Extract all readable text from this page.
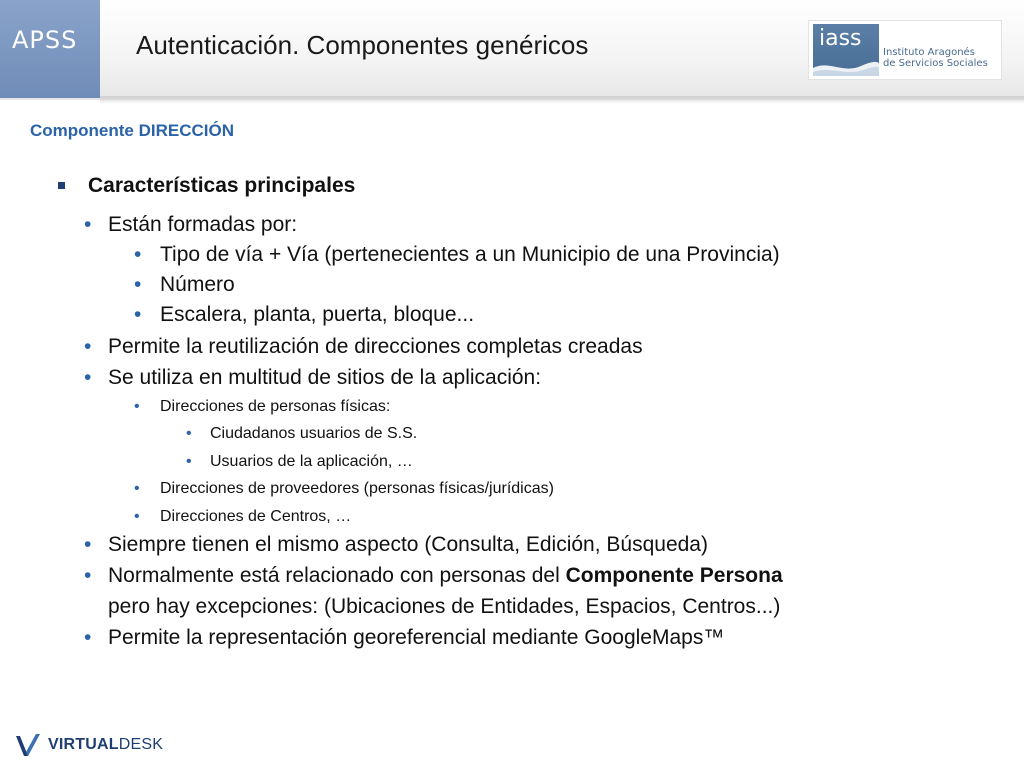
APSS Autenticación. Componentes genéricos	iass
Instituto Aragonés
de Servicios Sociales
Componente DIRECCIÓN
Características principales
• Están formadas por:
• Tipo de vía + Vía (pertenecientes a un Municipio de una Provincia)
• Número
• Escalera, planta, puerta, bloque...
• Permite la reutilización de direcciones completas creadas
• Se utiliza en multitud de sitios de la aplicación:
• Direcciones de personas físicas:
• Ciudadanos usuarios de S.S.
• Usuarios de la aplicación, …
• Direcciones de proveedores (personas físicas/jurídicas)
• Direcciones de Centros, …
• Siempre tienen el mismo aspecto (Consulta, Edición, Búsqueda)
• Normalmente está relacionado con personas del Componente Persona
pero hay excepciones: (Ubicaciones de Entidades, Espacios, Centros...)
• Permite la representación georeferencial mediante GoogleMaps™
VIRTUALDESK
